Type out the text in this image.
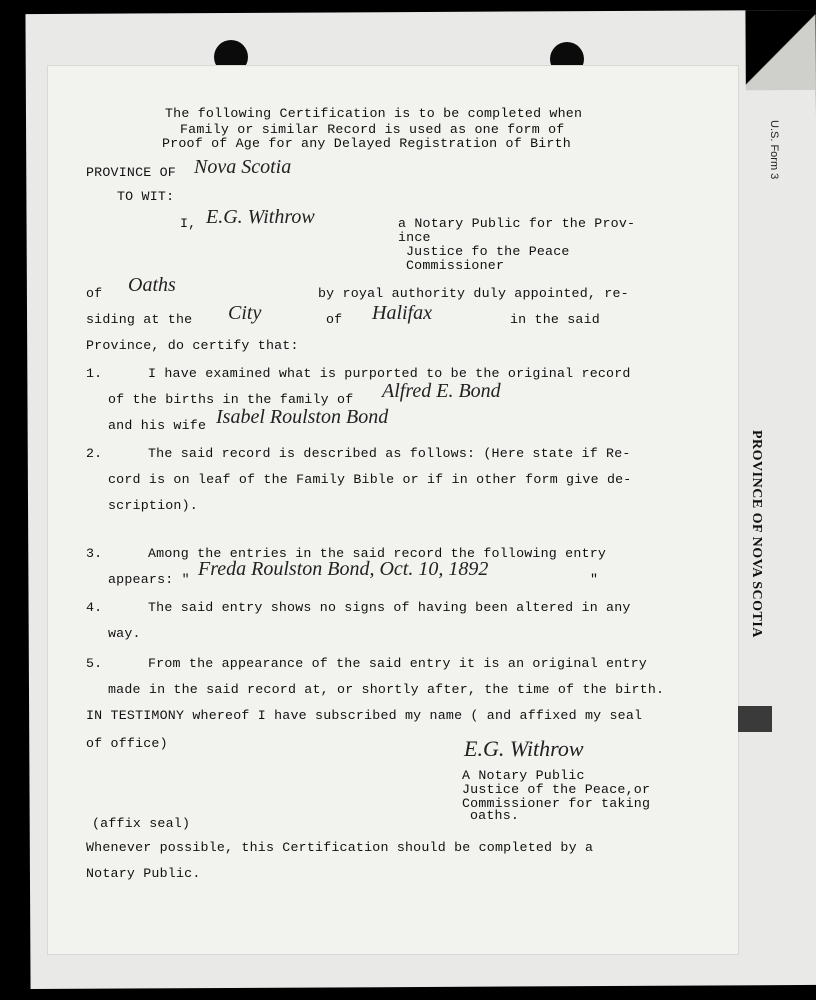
U.S. Form 3
PROVINCE OF NOVA SCOTIA
The following Certification is to be completed when
Family or similar Record is used as one form of
Proof of Age for any Delayed Registration of Birth
PROVINCE OF Nova Scotia
TO WIT:
I, E.G. Withrow	a Notary Public for the Prov-
ince
Justice fo the Peace
Commissioner
of Oaths	by royal authority duly appointed, re-
siding at the City	of Halifax	in the said
Province, do certify that:
1.	I have examined what is purported to be the original record
of the births in the family of Alfred E. Bond
and his wife Isabel Roulston Bond
2.	The said record is described as follows: (Here state if Re-
cord is on leaf of the Family Bible or if in other form give de-
scription).
3.	Among the entries in the said record the following entry
appears: " Freda Roulston Bond, Oct. 10, 1892	"
4.	The said entry shows no signs of having been altered in any
way.
5.	From the appearance of the said entry it is an original entry
made in the said record at, or shortly after, the time of the birth.
IN TESTIMONY whereof I have subscribed my name ( and affixed my seal
of office)	E.G. Withrow
A Notary Public
Justice of the Peace,or
Commissioner for taking
oaths.
(affix seal)
Whenever possible, this Certification should be completed by a
Notary Public.
